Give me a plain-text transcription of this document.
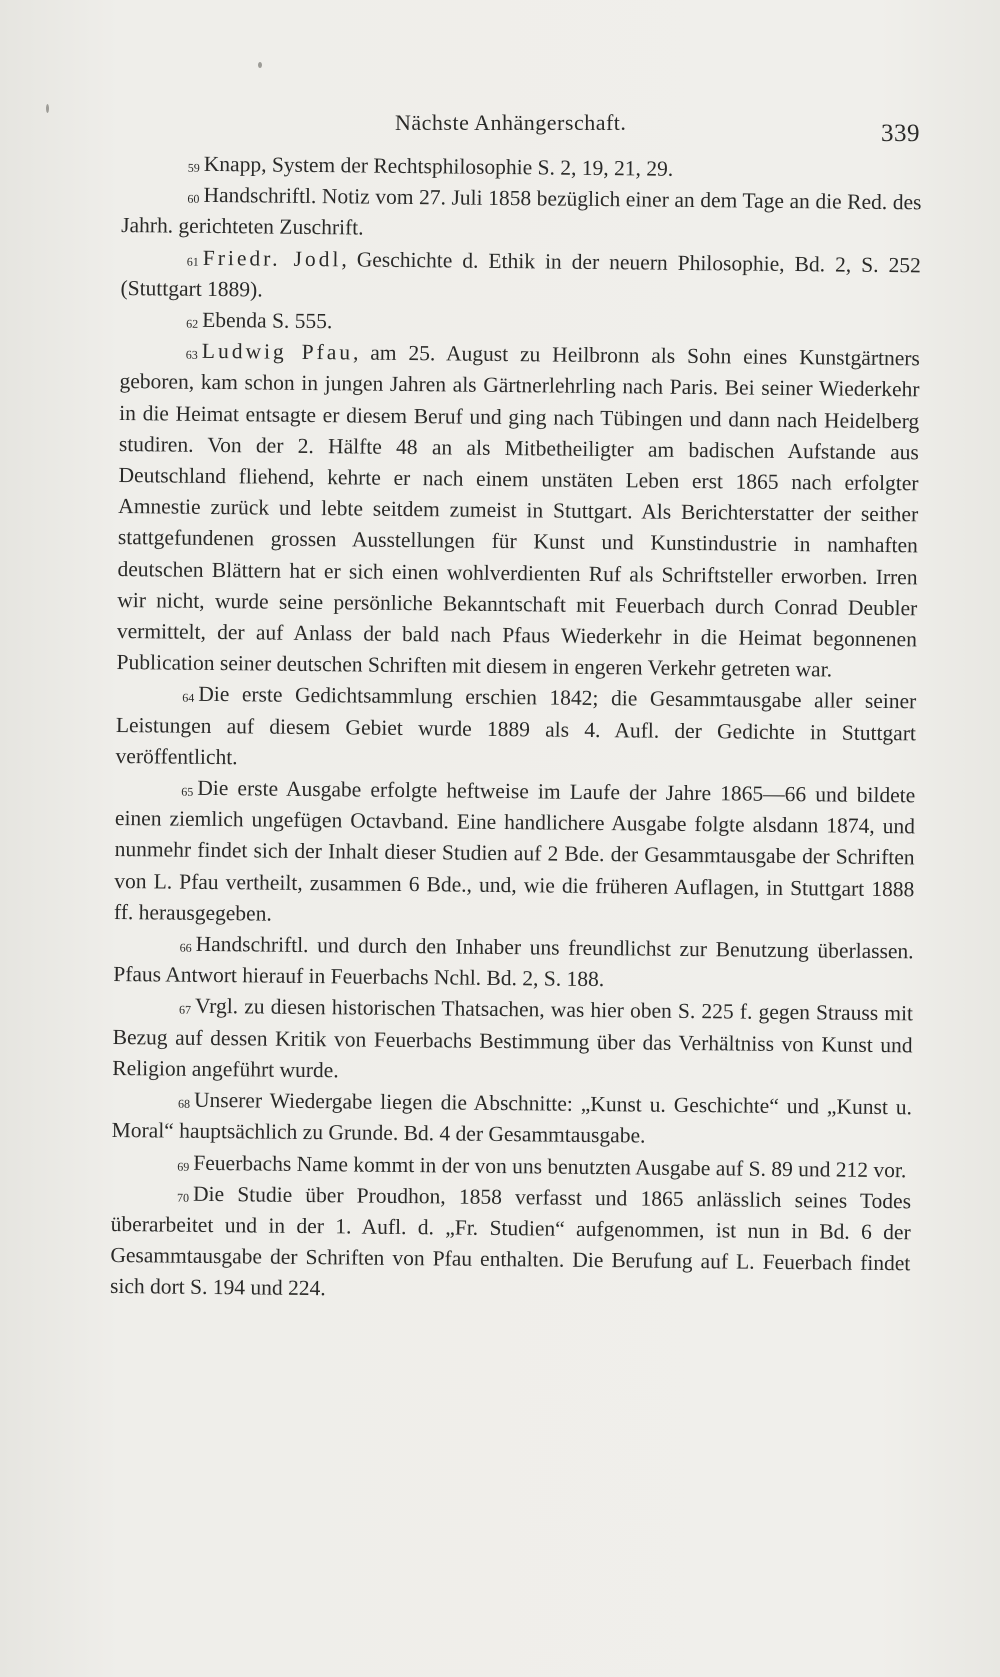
Nächste Anhängerschaft.	339

$^{59}$ Knapp, System der Rechtsphilosophie S. 2, 19, 21, 29.

$^{60}$ Handschriftl. Notiz vom 27. Juli 1858 bezüglich einer an dem Tage an die Red. des Jahrh. gerichteten Zuschrift.

$^{61}$ Friedr. Jodl, Geschichte d. Ethik in der neuern Philosophie, Bd. 2, S. 252 (Stuttgart 1889).

$^{62}$ Ebenda S. 555.

$^{63}$ Ludwig Pfau, am 25. August zu Heilbronn als Sohn eines Kunstgärtners geboren, kam schon in jungen Jahren als Gärtnerlehrling nach Paris. Bei seiner Wiederkehr in die Heimat entsagte er diesem Beruf und ging nach Tübingen und dann nach Heidelberg studiren. Von der 2. Hälfte 48 an als Mitbetheiligter am badischen Aufstande aus Deutschland fliehend, kehrte er nach einem unstäten Leben erst 1865 nach erfolgter Amnestie zurück und lebte seitdem zumeist in Stuttgart. Als Berichterstatter der seither stattgefundenen grossen Ausstellungen für Kunst und Kunstindustrie in namhaften deutschen Blättern hat er sich einen wohlverdienten Ruf als Schriftsteller erworben. Irren wir nicht, wurde seine persönliche Bekanntschaft mit Feuerbach durch Conrad Deubler vermittelt, der auf Anlass der bald nach Pfaus Wiederkehr in die Heimat begonnenen Publication seiner deutschen Schriften mit diesem in engeren Verkehr getreten war.

$^{64}$ Die erste Gedichtsammlung erschien 1842; die Gesammtausgabe aller seiner Leistungen auf diesem Gebiet wurde 1889 als 4. Aufl. der Gedichte in Stuttgart veröffentlicht.

$^{65}$ Die erste Ausgabe erfolgte heftweise im Laufe der Jahre 1865—66 und bildete einen ziemlich ungefügen Octavband. Eine handlichere Ausgabe folgte alsdann 1874, und nunmehr findet sich der Inhalt dieser Studien auf 2 Bde. der Gesammtausgabe der Schriften von L. Pfau vertheilt, zusammen 6 Bde., und, wie die früheren Auflagen, in Stuttgart 1888 ff. herausgegeben.

$^{66}$ Handschriftl. und durch den Inhaber uns freundlichst zur Benutzung überlassen. Pfaus Antwort hierauf in Feuerbachs Nchl. Bd. 2, S. 188.

$^{67}$ Vrgl. zu diesen historischen Thatsachen, was hier oben S. 225 f. gegen Strauss mit Bezug auf dessen Kritik von Feuerbachs Bestimmung über das Verhältniss von Kunst und Religion angeführt wurde.

$^{68}$ Unserer Wiedergabe liegen die Abschnitte: „Kunst u. Geschichte“ und „Kunst u. Moral“ hauptsächlich zu Grunde. Bd. 4 der Gesammtausgabe.

$^{69}$ Feuerbachs Name kommt in der von uns benutzten Ausgabe auf S. 89 und 212 vor.

$^{70}$ Die Studie über Proudhon, 1858 verfasst und 1865 anlässlich seines Todes überarbeitet und in der 1. Aufl. d. „Fr. Studien“ aufgenommen, ist nun in Bd. 6 der Gesammtausgabe der Schriften von Pfau enthalten. Die Berufung auf L. Feuerbach findet sich dort S. 194 und 224.
